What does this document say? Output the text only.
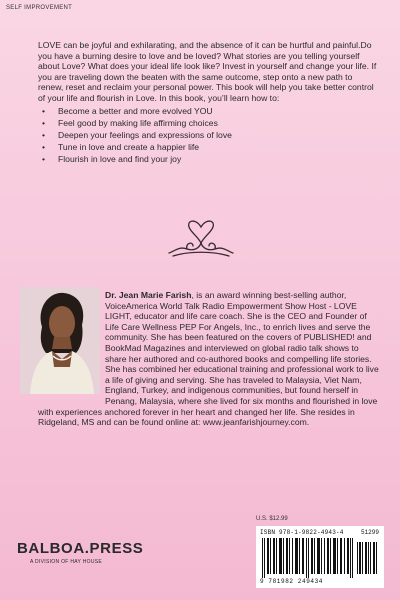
SELF IMPROVEMENT

LOVE can be joyful and exhilarating, and the absence of it can be hurtful and painful.Do you have a burning desire to love and be loved? What stories are you telling yourself about Love? What does your ideal life look like? Invest in yourself and change your life. If you are traveling down the beaten with the same outcome, step onto a new path to renew, reset and reclaim your personal power. This book will help you take better control of your life and flourish in Love. In this book, you’ll learn how to:

• Become a better and more evolved YOU
• Feel good by making life affirming choices
• Deepen your feelings and expressions of love
• Tune in love and create a happier life
• Flourish in love and find your joy
Dr. Jean Marie Farish, is an award winning best-selling author, VoiceAmerica World Talk Radio Empowerment Show Host - LOVE LIGHT, educator and life care coach. She is the CEO and Founder of Life Care Wellness PEP For Angels, Inc., to enrich lives and serve the community. She has been featured on the covers of PUBLISHED! and BookMad Magazines and interviewed on global radio talk shows to share her authored and co-authored books and compelling life stories. She has combined her educational training and professional work to live a life of giving and serving. She has traveled to Malaysia, Viet Nam, England, Turkey, and indigenous communities, but found herself in Penang, Malaysia, where she lived for six months and flourished in love with experiences anchored forever in her heart and changed her life. She resides in Ridgeland, MS and can be found online at: www.jeanfarishjourney.com.
U.S. $12.99
ISBN 978-1-9822-4943-4	51299
9 781982 249434
BALBOA.PRESS
A DIVISION OF HAY HOUSE
